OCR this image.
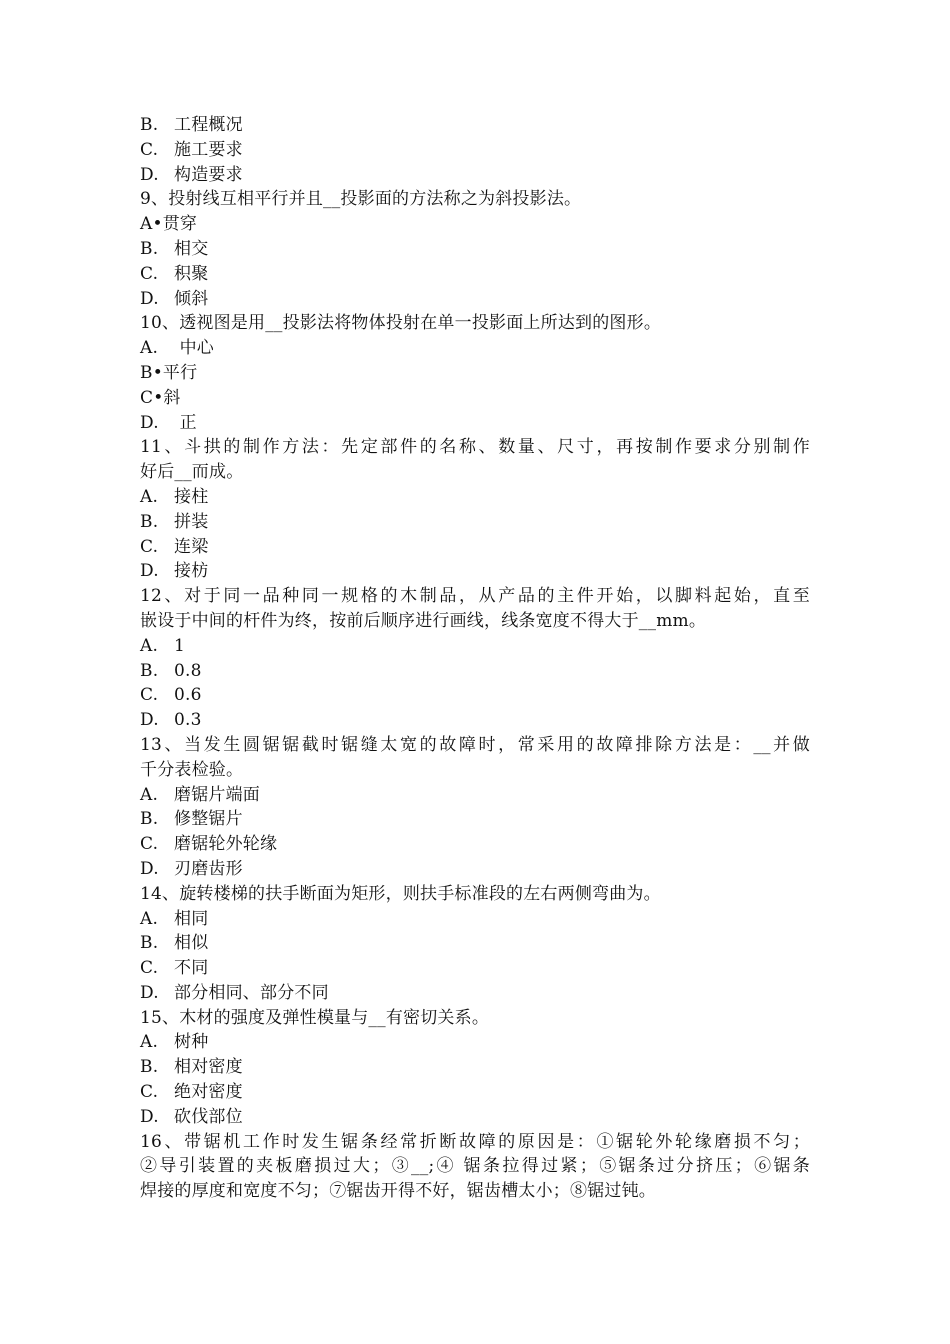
B. 工程概况
C. 施工要求
D. 构造要求
9、投射线互相平行并且__投影面的方法称之为斜投影法。
A•贯穿
B. 相交
C. 积聚
D. 倾斜
10、透视图是用__投影法将物体投射在单一投影面上所达到的图形。
A. 中心
B•平行
C•斜
D. 正
11、斗拱的制作方法：先定部件的名称、数量、尺寸，再按制作要求分别制作
好后__而成。
A. 接柱
B. 拼装
C. 连梁
D. 接枋
12、对于同一品种同一规格的木制品，从产品的主件开始，以脚料起始，直至
嵌设于中间的杆件为终，按前后顺序进行画线，线条宽度不得大于__mm。
A. 1
B. 0.8
C. 0.6
D. 0.3
13、当发生圆锯锯截时锯缝太宽的故障时，常采用的故障排除方法是：__并做
千分表检验。
A. 磨锯片端面
B. 修整锯片
C. 磨锯轮外轮缘
D. 刃磨齿形
14、旋转楼梯的扶手断面为矩形，则扶手标准段的左右两侧弯曲为。
A. 相同
B. 相似
C. 不同
D. 部分相同、部分不同
15、木材的强度及弹性模量与__有密切关系。
A. 树种
B. 相对密度
C. 绝对密度
D. 砍伐部位
16、带锯机工作时发生锯条经常折断故障的原因是：①锯轮外轮缘磨损不匀；
②导引装置的夹板磨损过大；③__;④ 锯条拉得过紧；⑤锯条过分挤压；⑥锯条
焊接的厚度和宽度不匀；⑦锯齿开得不好，锯齿槽太小；⑧锯过钝。
